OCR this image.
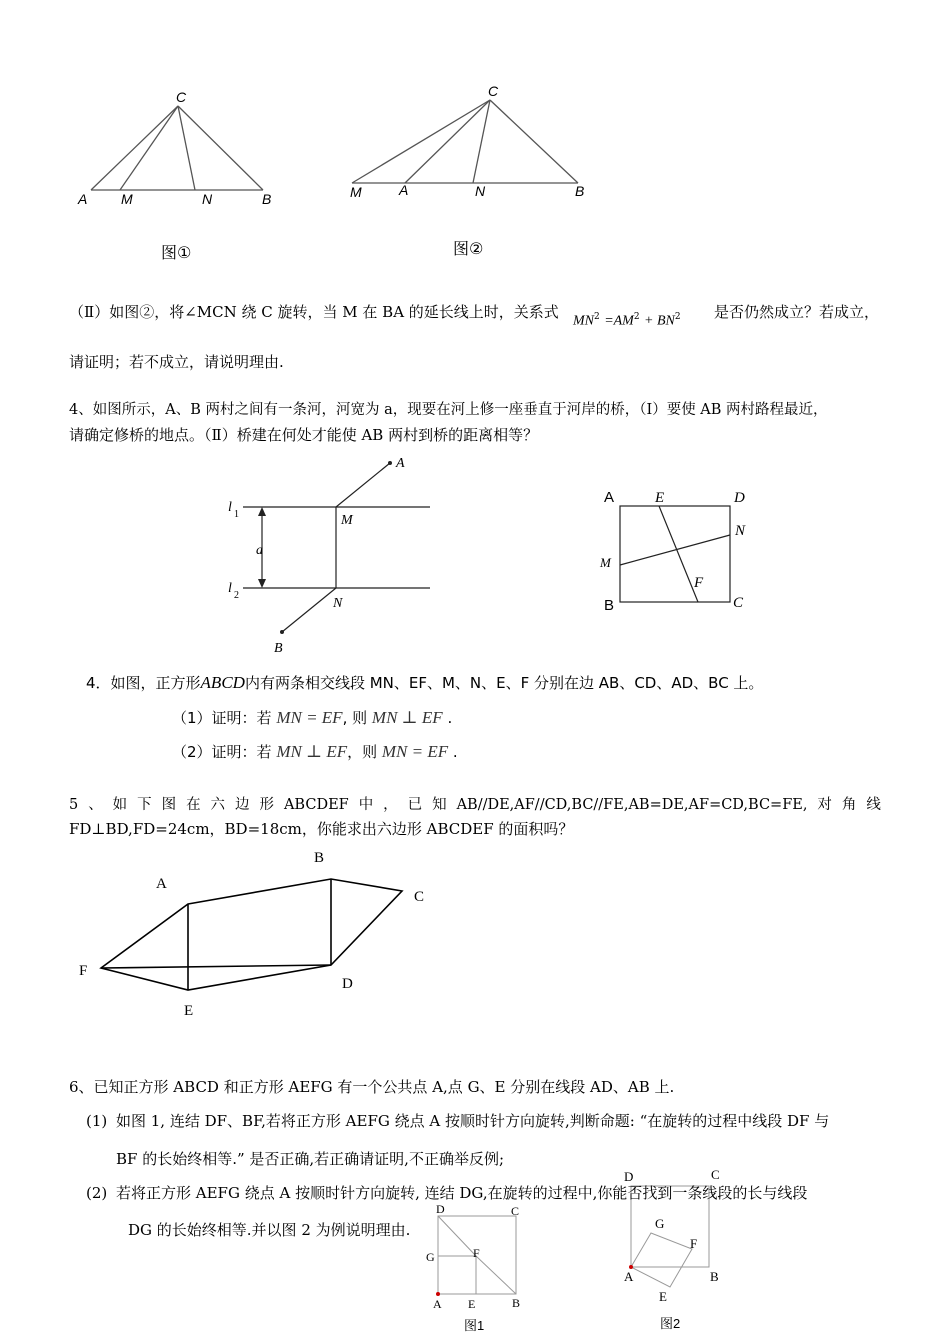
C
A M	N	B
C
M	A	N	B
A
B
M
N
a
l 1
l 2
A	E	D
N
M
F
B	C
A
B
C
D
E
F
D	C
G	F
A E	B
图1
D	C
G
F
A	B
E
图2
图①	图②
（Ⅱ）如图②，将∠MCN 绕 C 旋转，当 M 在 BA 的延长线上时，关系式
$MN^2 =AM^2 + BN^2$ 是否仍然成立？若成立，
请证明；若不成立，请说明理由.
4、如图所示，A、B 两村之间有一条河，河宽为 a，现要在河上修一座垂直于河岸的桥，（Ⅰ）要使 AB 两村路程最近，
请确定修桥的地点。（Ⅱ）桥建在何处才能使 AB 两村到桥的距离相等？
4．如图，正方形ABCD内有两条相交线段 MN、EF、M、N、E、F 分别在边 AB、CD、AD、BC 上。
（1）证明：若 MN = EF, 则 MN ⊥ EF .
（2）证明：若 MN ⊥ EF，则 MN = EF .
5 、 如 下 图 在 六 边 形 ABCDEF 中 ， 已 知 AB//DE,AF//CD,BC//FE,AB=DE,AF=CD,BC=FE, 对 角 线
FD⊥BD,FD=24cm，BD=18cm，你能求出六边形 ABCDEF 的面积吗？
6、已知正方形 ABCD 和正方形 AEFG 有一个公共点 A,点 G、E 分别在线段 AD、AB 上.
(1) 如图 1, 连结 DF、BF,若将正方形 AEFG 绕点 A 按顺时针方向旋转,判断命题: “在旋转的过程中线段 DF 与
BF 的长始终相等.” 是否正确,若正确请证明,不正确举反例;
(2) 若将正方形 AEFG 绕点 A 按顺时针方向旋转, 连结 DG,在旋转的过程中,你能否找到一条线段的长与线段
DG 的长始终相等.并以图 2 为例说明理由.
